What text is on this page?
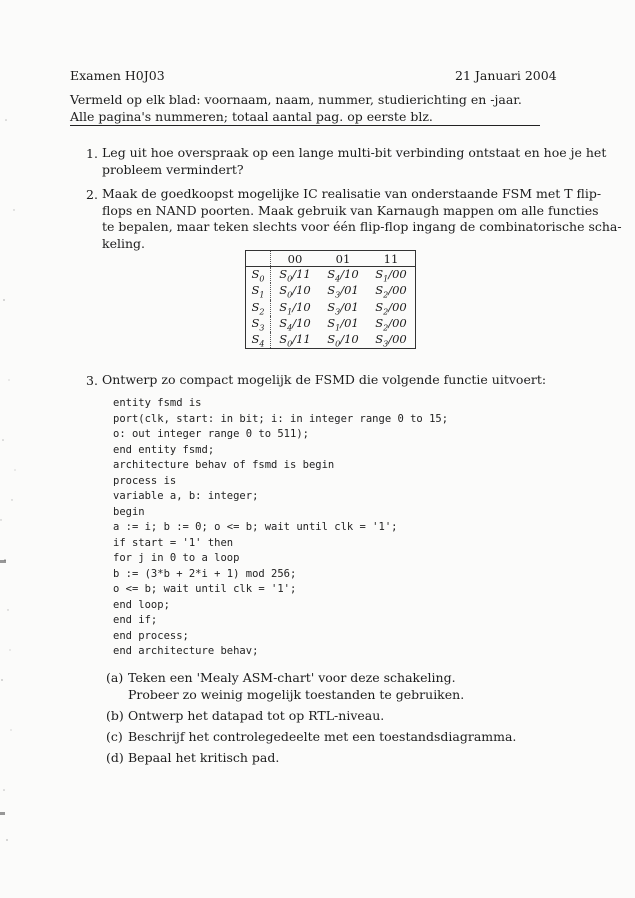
Examen H0J03	21 Januari 2004
Vermeld op elk blad: voornaam, naam, nummer, studierichting en -jaar.
Alle pagina's nummeren; totaal aantal pag. op eerste blz.
1. Leg uit hoe overspraak op een lange multi-bit verbinding ontstaat en hoe je het
probleem vermindert?
2. Maak de goedkoopst mogelijke IC realisatie van onderstaande FSM met T flip-
flops en NAND poorten. Maak gebruik van Karnaugh mappen om alle functies
te bepalen, maar teken slechts voor één flip-flop ingang de combinatorische scha-
keling.
	00	01	11
$S_0$	$S_0/11$	$S_4/10$	$S_1/00$
$S_1$	$S_0/10$	$S_3/01$	$S_2/00$
$S_2$	$S_1/10$	$S_3/01$	$S_2/00$
$S_3$	$S_4/10$	$S_1/01$	$S_2/00$
$S_4$	$S_0/11$	$S_0/10$	$S_3/00$
3. Ontwerp zo compact mogelijk de FSMD die volgende functie uitvoert:
entity fsmd is
port(clk, start: in bit; i: in integer range 0 to 15;
o: out integer range 0 to 511);
end entity fsmd;
architecture behav of fsmd is begin
process is
variable a, b: integer;
begin
a := i; b := 0; o <= b; wait until clk = '1';
if start = '1' then
for j in 0 to a loop
b := (3*b + 2*i + 1) mod 256;
o <= b; wait until clk = '1';
end loop;
end if;
end process;
end architecture behav;
(a) Teken een 'Mealy ASM-chart' voor deze schakeling.
Probeer zo weinig mogelijk toestanden te gebruiken.
(b) Ontwerp het datapad tot op RTL-niveau.
(c) Beschrijf het controlegedeelte met een toestandsdiagramma.
(d) Bepaal het kritisch pad.
